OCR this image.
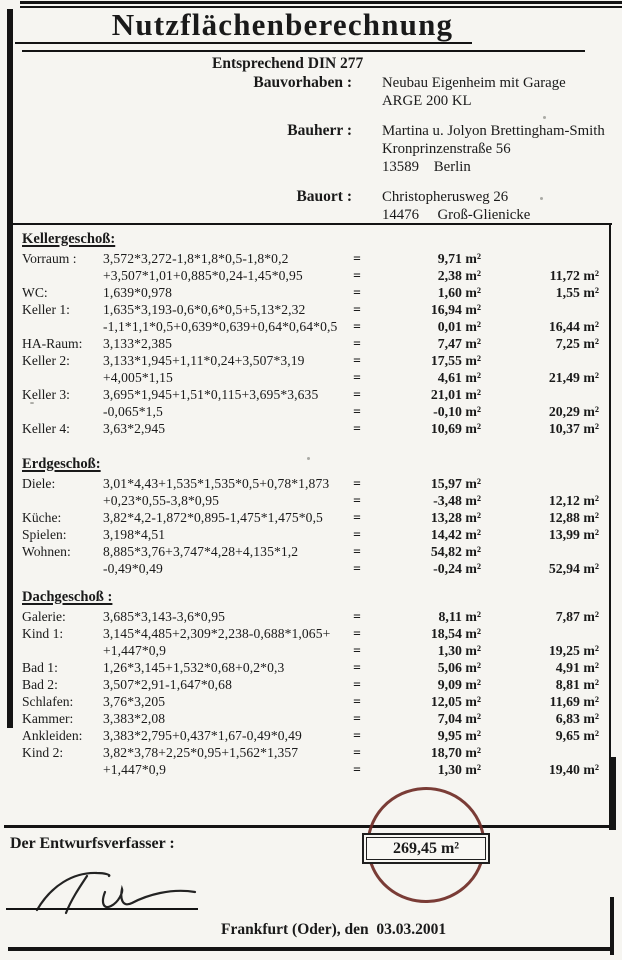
Nutzflächenberechnung
Entsprechend DIN 277
Bauvorhaben : Neubau Eigenheim mit Garage
ARGE 200 KL
Bauherr : Martina u. Jolyon Brettingham-Smith
Kronprinzenstraße 56
13589    Berlin
Bauort : Christopherusweg 26
14476     Groß-Glienicke
Kellergeschoß:
Vorraum :	3,572*3,272-1,8*1,8*0,5-1,8*0,2	=	9,71 m²
+3,507*1,01+0,885*0,24-1,45*0,95	=	2,38 m²	11,72 m²
WC:	1,639*0,978	=	1,60 m²	1,55 m²
Keller 1:	1,635*3,193-0,6*0,6*0,5+5,13*2,32	=	16,94 m²
-1,1*1,1*0,5+0,639*0,639+0,64*0,64*0,5	=	0,01 m²	16,44 m²
HA-Raum:	3,133*2,385	=	7,47 m²	7,25 m²
Keller 2:	3,133*1,945+1,11*0,24+3,507*3,19	=	17,55 m²
+4,005*1,15	=	4,61 m²	21,49 m²
Keller 3:	3,695*1,945+1,51*0,115+3,695*3,635	=	21,01 m²
-0,065*1,5	=	-0,10 m²	20,29 m²
Keller 4:	3,63*2,945	=	10,69 m²	10,37 m²
Erdgeschoß:
Diele:	3,01*4,43+1,535*1,535*0,5+0,78*1,873	=	15,97 m²
+0,23*0,55-3,8*0,95	=	-3,48 m²	12,12 m²
Küche:	3,82*4,2-1,872*0,895-1,475*1,475*0,5	=	13,28 m²	12,88 m²
Spielen:	3,198*4,51	=	14,42 m²	13,99 m²
Wohnen:	8,885*3,76+3,747*4,28+4,135*1,2	=	54,82 m²
-0,49*0,49	=	-0,24 m²	52,94 m²
Dachgeschoß :
Galerie:	3,685*3,143-3,6*0,95	=	8,11 m²	7,87 m²
Kind 1:	3,145*4,485+2,309*2,238-0,688*1,065+	=	18,54 m²
+1,447*0,9	=	1,30 m²	19,25 m²
Bad 1:	1,26*3,145+1,532*0,68+0,2*0,3	=	5,06 m²	4,91 m²
Bad 2:	3,507*2,91-1,647*0,68	=	9,09 m²	8,81 m²
Schlafen:	3,76*3,205	=	12,05 m²	11,69 m²
Kammer:	3,383*2,08	=	7,04 m²	6,83 m²
Ankleiden:	3,383*2,795+0,437*1,67-0,49*0,49	=	9,95 m²	9,65 m²
Kind 2:	3,82*3,78+2,25*0,95+1,562*1,357	=	18,70 m²
+1,447*0,9	=	1,30 m²	19,40 m²
Der Entwurfsverfasser :	269,45 m²
Frankfurt (Oder), den  03.03.2001
